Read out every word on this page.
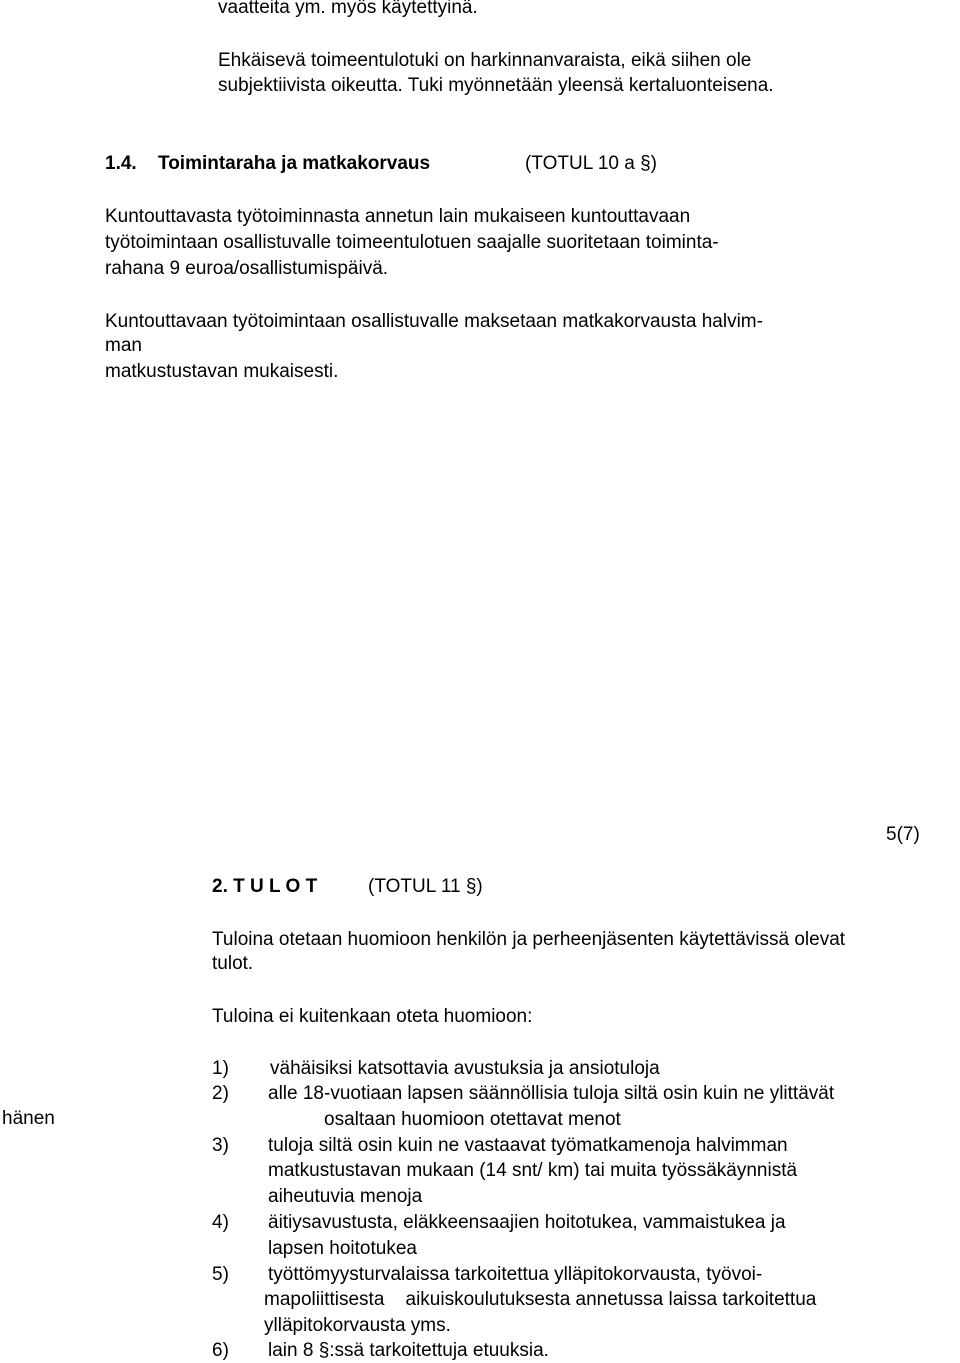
vaatteita ym. myös käytettyinä.
Ehkäisevä toimeentulotuki on harkinnanvaraista, eikä siihen ole
subjektiivista oikeutta. Tuki myönnetään yleensä kertaluonteisena.
1.4. Toimintaraha ja matkakorvaus	(TOTUL 10 a §)
Kuntouttavasta työtoiminnasta annetun lain mukaiseen kuntouttavaan
työtoimintaan osallistuvalle toimeentulotuen saajalle suoritetaan toiminta-
rahana 9 euroa/osallistumispäivä.
Kuntouttavaan työtoimintaan osallistuvalle maksetaan matkakorvausta halvim-
man
matkustustavan mukaisesti.
5(7)
2. T U L O T	(TOTUL 11 §)
Tuloina otetaan huomioon henkilön ja perheenjäsenten käytettävissä olevat
tulot.
Tuloina ei kuitenkaan oteta huomioon:
hänen
1) vähäisiksi katsottavia avustuksia ja ansiotuloja
2) alle 18-vuotiaan lapsen säännöllisia tuloja siltä osin kuin ne ylittävät
osaltaan huomioon otettavat menot
3) tuloja siltä osin kuin ne vastaavat työmatkamenoja halvimman
matkustustavan mukaan (14 snt/ km) tai muita työssäkäynnistä
aiheutuvia menoja
4) äitiysavustusta, eläkkeensaajien hoitotukea, vammaistukea ja
lapsen hoitotukea
5) työttömyysturvalaissa tarkoitettua ylläpitokorvausta, työvoi-
mapoliittisesta    aikuiskoulutuksesta annetussa laissa tarkoitettua
ylläpitokorvausta yms.
6) lain 8 §:ssä tarkoitettuja etuuksia.
